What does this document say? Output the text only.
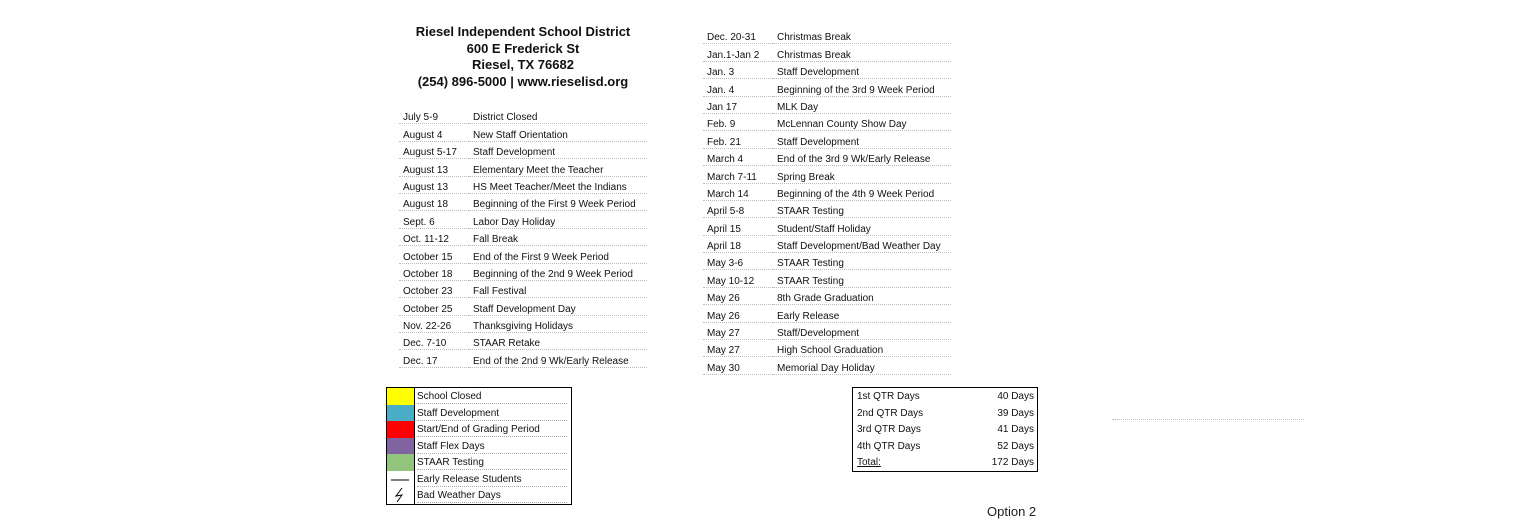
Riesel Independent School District
600 E Frederick St
Riesel, TX 76682
(254) 896-5000 | www.rieselisd.org
July 5-9	District Closed
August 4	New Staff Orientation
August 5-17	Staff Development
August 13	Elementary Meet the Teacher
August 13	HS Meet Teacher/Meet the Indians
August 18	Beginning of the First 9 Week Period
Sept. 6	Labor Day Holiday
Oct. 11-12	Fall Break
October 15	End of the First 9 Week Period
October 18	Beginning of the 2nd 9 Week Period
October 23	Fall Festival
October 25	Staff Development Day
Nov. 22-26	Thanksgiving Holidays
Dec. 7-10	STAAR Retake
Dec. 17	End of the 2nd 9 Wk/Early Release
Dec. 20-31	Christmas Break
Jan.1-Jan 2	Christmas Break
Jan. 3	Staff Development
Jan. 4	Beginning of the 3rd 9 Week Period
Jan 17	MLK Day
Feb. 9	McLennan County Show Day
Feb. 21	Staff Development
March 4	End of the 3rd 9 Wk/Early Release
March 7-11	Spring Break
March 14	Beginning of the 4th 9 Week Period
April 5-8	STAAR Testing
April 15	Student/Staff Holiday
April 18	Staff Development/Bad Weather Day
May 3-6	STAAR Testing
May 10-12	STAAR Testing
May 26	8th Grade Graduation
May 26	Early Release
May 27	Staff/Development
May 27	High School Graduation
May 30	Memorial Day Holiday
School Closed
Staff Development
Start/End of Grading Period
Staff Flex Days
STAAR Testing
Early Release Students
Bad Weather Days
1st QTR Days	40 Days
2nd QTR Days	39 Days
3rd QTR Days	41 Days
4th QTR Days	52 Days
Total:	172 Days
Option 2
